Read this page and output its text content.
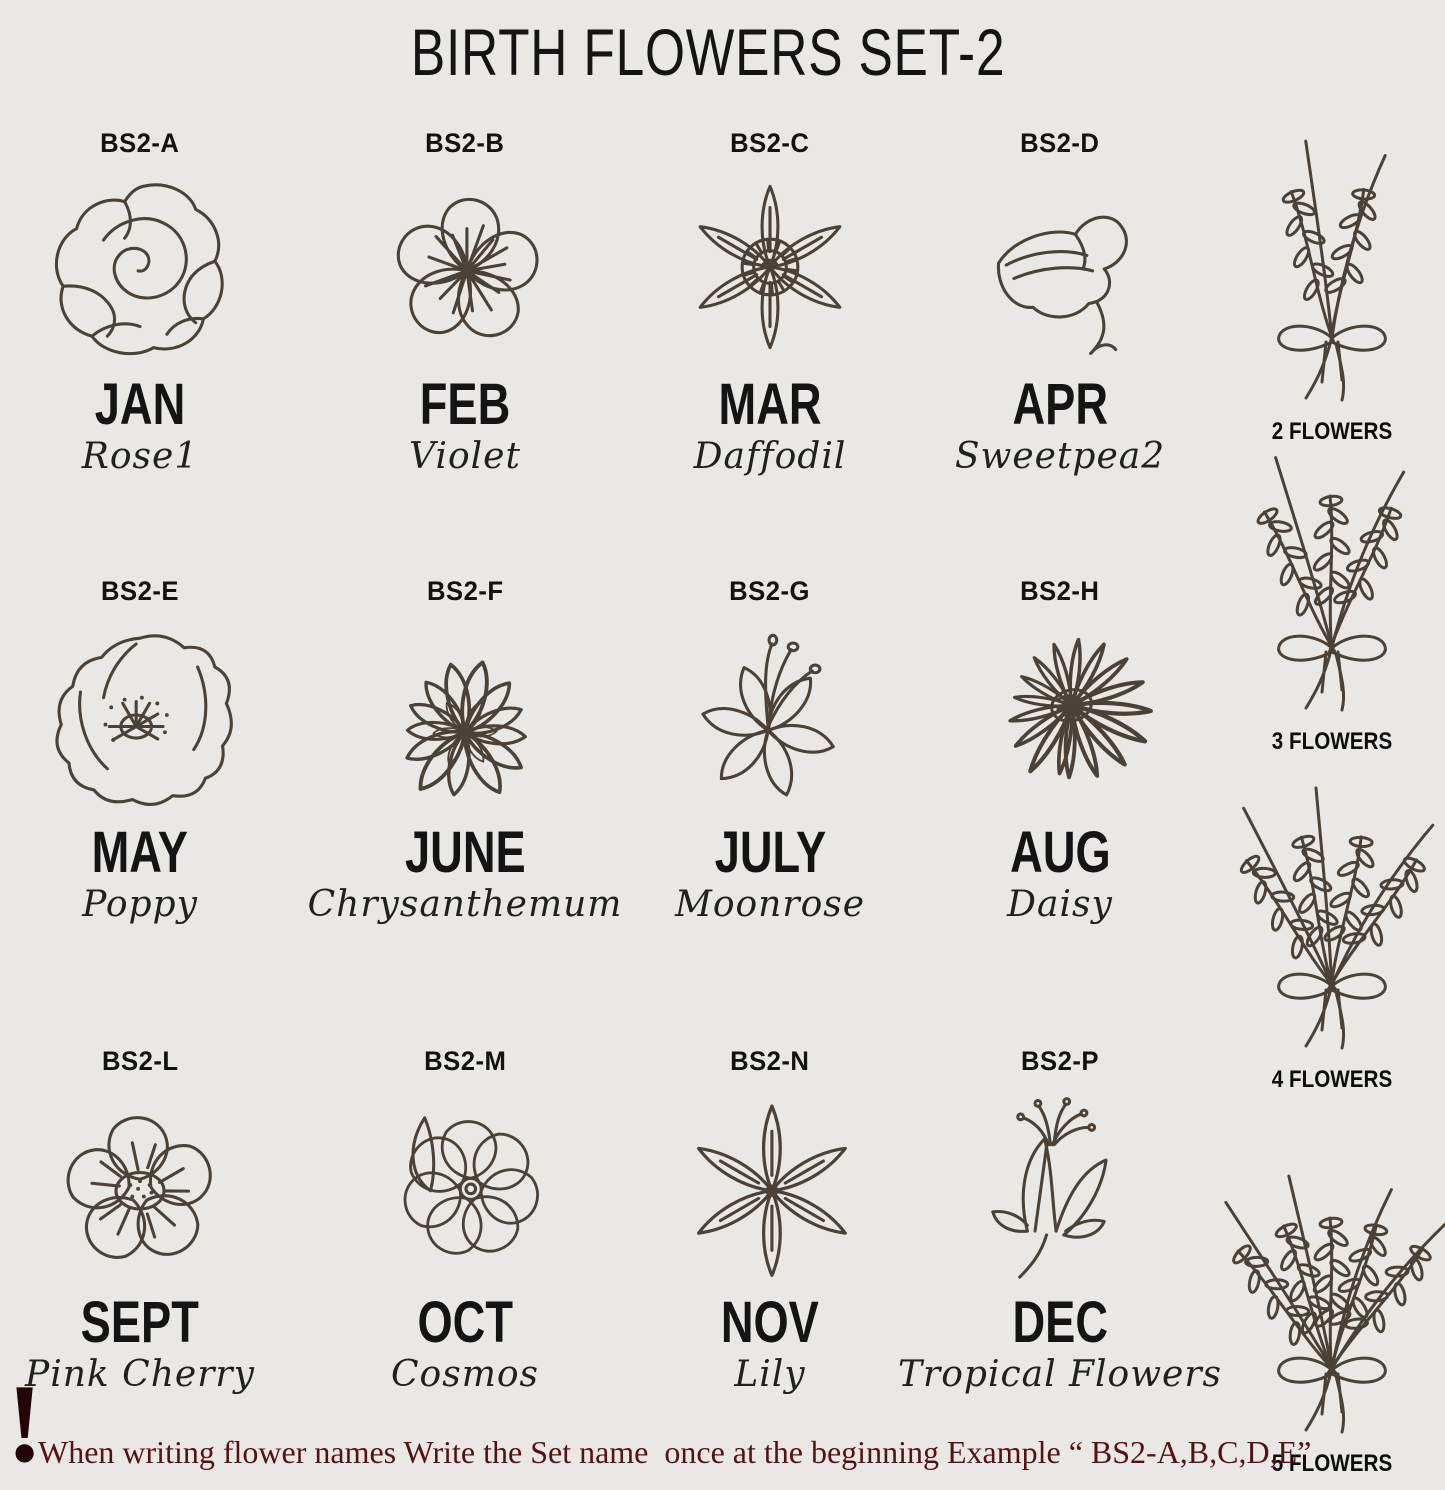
BIRTH FLOWERS SET-2
BS2-A
JAN
Rose1
BS2-B
FEB
Violet
BS2-C
MAR
Daffodil
BS2-D
APR
Sweetpea2
BS2-E
MAY
Poppy
BS2-F
JUNE
Chrysanthemum
BS2-G
JULY
Moonrose
BS2-H
AUG
Daisy
BS2-L
SEPT
Pink Cherry
BS2-M
OCT
Cosmos
BS2-N
NOV
Lily
BS2-P
DEC
Tropical Flowers
2 FLOWERS
3 FLOWERS
4 FLOWERS
5 FLOWERS
!
When writing flower names Write the Set name  once at the beginning Example “ BS2-A,B,C,D,E”
